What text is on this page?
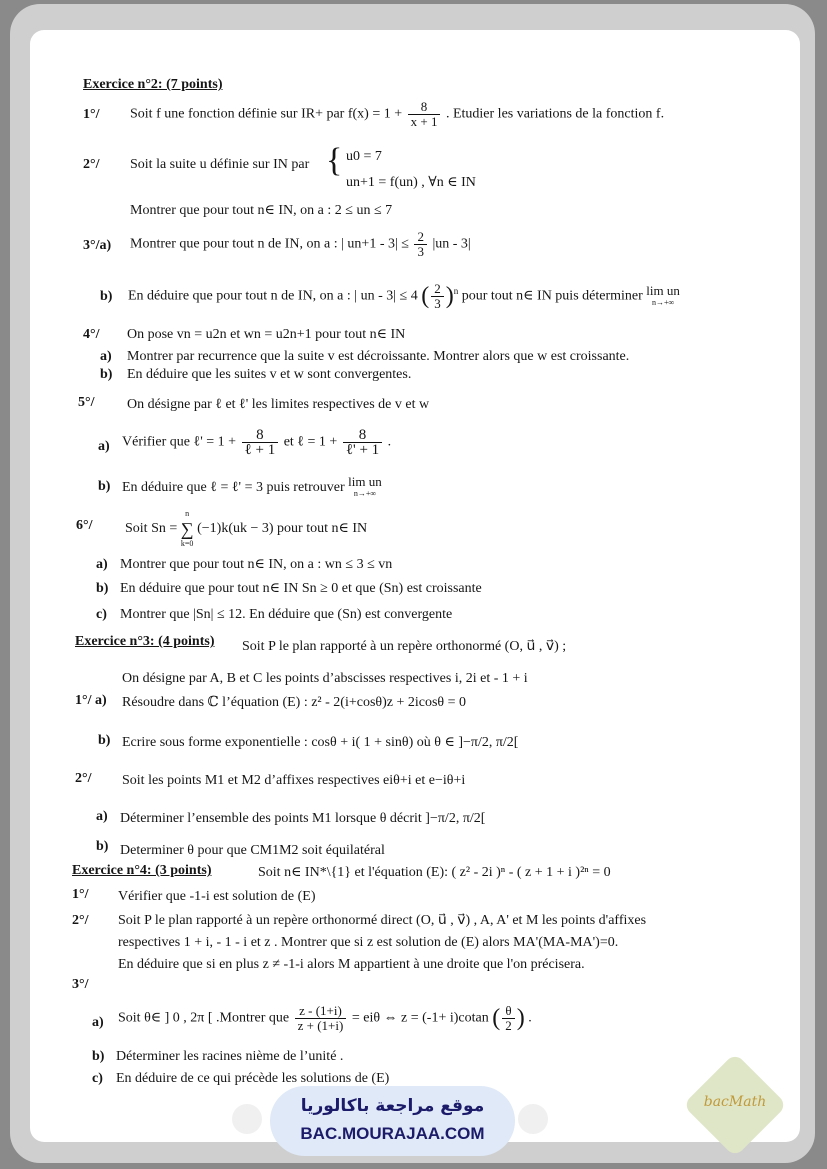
Exercice n°2: (7 points)
1°/ Soit f une fonction définie sur IR+ par $f(x) = 1 + \frac{8}{x + 1}$ . Etudier les variations de la fonction f.
2°/ Soit la suite u définie sur IN par { u0 = 7
un+1 = f(un) , ∀n ∈ IN
Montrer que pour tout n∈ IN, on a : 2 ≤ un ≤ 7
3°/a) Montrer que pour tout n de IN, on a : | $un+1 - 3| \le \frac{2}{3} |un - 3|$
b) En déduire que pour tout n de IN, on a : | un - 3| ≤ 4 ( $\frac{2}{3} )^n$ pour tout n∈ IN puis déterminer lim un
n→+∞
4°/ On pose vn = u2n et wn = u2n+1 pour tout n∈ IN
a) Montrer par recurrence que la suite v est décroissante. Montrer alors que w est croissante.
b) En déduire que les suites v et w sont convergentes.
5°/ On désigne par ℓ et ℓ' les limites respectives de v et w
a) Vérifier que ℓ' = $1 + \frac{8}{\text{ℓ + 1}}$ et ℓ = $1 + \frac{8}{\text{ℓ' + 1}}$ .
b) En déduire que ℓ = ℓ' = 3 puis retrouver lim un
n→+∞
6°/ Soit Sn =
n
∑
k=0
(−1)k(uk − 3) pour tout n∈ IN
a) Montrer que pour tout n∈ IN, on a : wn ≤ 3 ≤ vn
b) En déduire que pour tout n∈ IN Sn ≥ 0 et que (Sn) est croissante
c) Montrer que |Sn| ≤ 12. En déduire que (Sn) est convergente
Exercice n°3: (4 points) Soit P le plan rapporté à un repère orthonormé (O, u⃗ , v⃗) ;
On désigne par A, B et C les points d’abscisses respectives i, 2i et - 1 + i
1°/ a) Résoudre dans ℂ l’équation (E) : z² - 2(i+cosθ)z + 2icosθ = 0
b) Ecrire sous forme exponentielle : cosθ + i( 1 + sinθ) où θ ∈ ]−π/2, π/2[
2°/ Soit les points M1 et M2 d’affixes respectives eiθ+i et e−iθ+i
a) Déterminer l’ensemble des points M1 lorsque θ décrit ]−π/2, π/2[
b) Determiner θ pour que CM1M2 soit équilatéral
Exercice n°4: (3 points)	Soit n∈ IN*\{1} et l'équation (E): ( z² - 2i )ⁿ - ( z + 1 + i )²ⁿ = 0
1°/ Vérifier que -1-i est solution de (E)
2°/ Soit P le plan rapporté à un repère orthonormé direct (O, u⃗ , v⃗) , A, A' et M les points d'affixes
respectives 1 + i, - 1 - i et z . Montrer que si z est solution de (E) alors MA'(MA-MA')=0.
En déduire que si en plus z ≠ -1-i alors M appartient à une droite que l'on précisera.
3°/
a) Soit θ∈ ] 0 , 2π [ .Montrer que $\frac{z - (1+i)}{z + (1+i)} = ei\theta$ ⇔ z = (-1+ i)cotan ( $\frac{\theta}{2}$ ) .
b) Déterminer les racines nième de l’unité .
c) En déduire de ce qui précède les solutions de (E)
موقع مراجعة باكالوريا
BAC.MOURAJAA.COM
bacMath
